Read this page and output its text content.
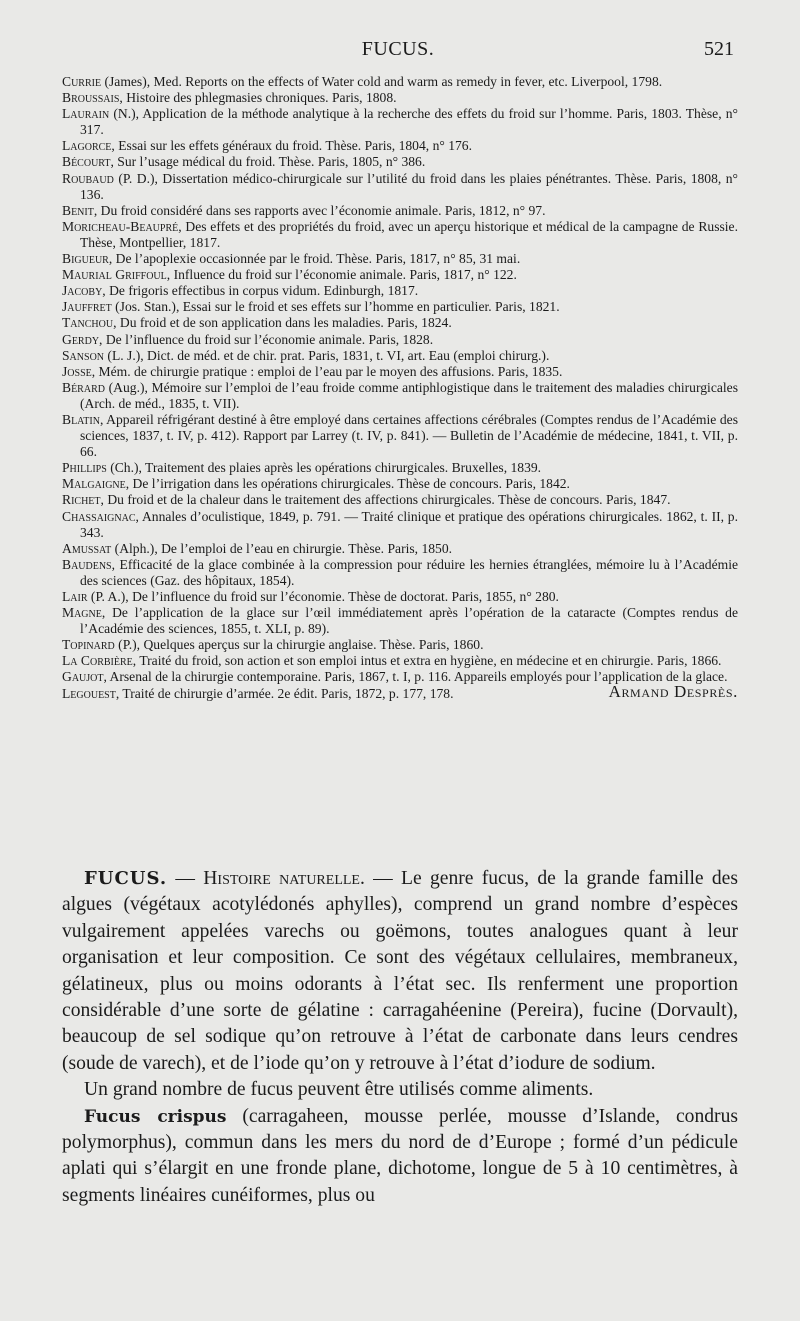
FUCUS.	521

Currie (James), Med. Reports on the effects of Water cold and warm as remedy in fever, etc. Liverpool, 1798.

Broussais, Histoire des phlegmasies chroniques. Paris, 1808.

Laurain (N.), Application de la méthode analytique à la recherche des effets du froid sur l’homme. Paris, 1803. Thèse, n° 317.

Lagorce, Essai sur les effets généraux du froid. Thèse. Paris, 1804, n° 176.

Bécourt, Sur l’usage médical du froid. Thèse. Paris, 1805, n° 386.

Roubaud (P. D.), Dissertation médico-chirurgicale sur l’utilité du froid dans les plaies pénétrantes. Thèse. Paris, 1808, n° 136.

Benit, Du froid considéré dans ses rapports avec l’économie animale. Paris, 1812, n° 97.

Moricheau-Beaupré, Des effets et des propriétés du froid, avec un aperçu historique et médical de la campagne de Russie. Thèse, Montpellier, 1817.

Bigueur, De l’apoplexie occasionnée par le froid. Thèse. Paris, 1817, n° 85, 31 mai.

Maurial Griffoul, Influence du froid sur l’économie animale. Paris, 1817, n° 122.

Jacoby, De frigoris effectibus in corpus vidum. Edinburgh, 1817.

Jauffret (Jos. Stan.), Essai sur le froid et ses effets sur l’homme en particulier. Paris, 1821.

Tanchou, Du froid et de son application dans les maladies. Paris, 1824.

Gerdy, De l’influence du froid sur l’économie animale. Paris, 1828.

Sanson (L. J.), Dict. de méd. et de chir. prat. Paris, 1831, t. VI, art. Eau (emploi chirurg.).

Josse, Mém. de chirurgie pratique : emploi de l’eau par le moyen des affusions. Paris, 1835.

Bérard (Aug.), Mémoire sur l’emploi de l’eau froide comme antiphlogistique dans le traitement des maladies chirurgicales (Arch. de méd., 1835, t. VII).

Blatin, Appareil réfrigérant destiné à être employé dans certaines affections cérébrales (Comptes rendus de l’Académie des sciences, 1837, t. IV, p. 412). Rapport par Larrey (t. IV, p. 841). — Bulletin de l’Académie de médecine, 1841, t. VII, p. 66.

Phillips (Ch.), Traitement des plaies après les opérations chirurgicales. Bruxelles, 1839.

Malgaigne, De l’irrigation dans les opérations chirurgicales. Thèse de concours. Paris, 1842.

Richet, Du froid et de la chaleur dans le traitement des affections chirurgicales. Thèse de concours. Paris, 1847.

Chassaignac, Annales d’oculistique, 1849, p. 791. — Traité clinique et pratique des opérations chirurgicales. 1862, t. II, p. 343.

Amussat (Alph.), De l’emploi de l’eau en chirurgie. Thèse. Paris, 1850.

Baudens, Efficacité de la glace combinée à la compression pour réduire les hernies étranglées, mémoire lu à l’Académie des sciences (Gaz. des hôpitaux, 1854).

Lair (P. A.), De l’influence du froid sur l’économie. Thèse de doctorat. Paris, 1855, n° 280.

Magne, De l’application de la glace sur l’œil immédiatement après l’opération de la cataracte (Comptes rendus de l’Académie des sciences, 1855, t. XLI, p. 89).

Topinard (P.), Quelques aperçus sur la chirurgie anglaise. Thèse. Paris, 1860.

La Corbière, Traité du froid, son action et son emploi intus et extra en hygiène, en médecine et en chirurgie. Paris, 1866.

Gaujot, Arsenal de la chirurgie contemporaine. Paris, 1867, t. I, p. 116. Appareils employés pour l’application de la glace.

Legouest, Traité de chirurgie d’armée. 2e édit. Paris, 1872, p. 177, 178.	Armand Desprès.

FUCUS. — Histoire naturelle. — Le genre fucus, de la grande famille des algues (végétaux acotylédonés aphylles), comprend un grand nombre d’espèces vulgairement appelées varechs ou goëmons, toutes analogues quant à leur organisation et leur composition. Ce sont des végétaux cellulaires, membraneux, gélatineux, plus ou moins odorants à l’état sec. Ils renferment une proportion considérable d’une sorte de gélatine : carragahéenine (Pereira), fucine (Dorvault), beaucoup de sel sodique qu’on retrouve à l’état de carbonate dans leurs cendres (soude de varech), et de l’iode qu’on y retrouve à l’état d’iodure de sodium.

Un grand nombre de fucus peuvent être utilisés comme aliments.

Fucus crispus (carragaheen, mousse perlée, mousse d’Islande, condrus polymorphus), commun dans les mers du nord de d’Europe ; formé d’un pédicule aplati qui s’élargit en une fronde plane, dichotome, longue de 5 à 10 centimètres, à segments linéaires cunéiformes, plus ou
